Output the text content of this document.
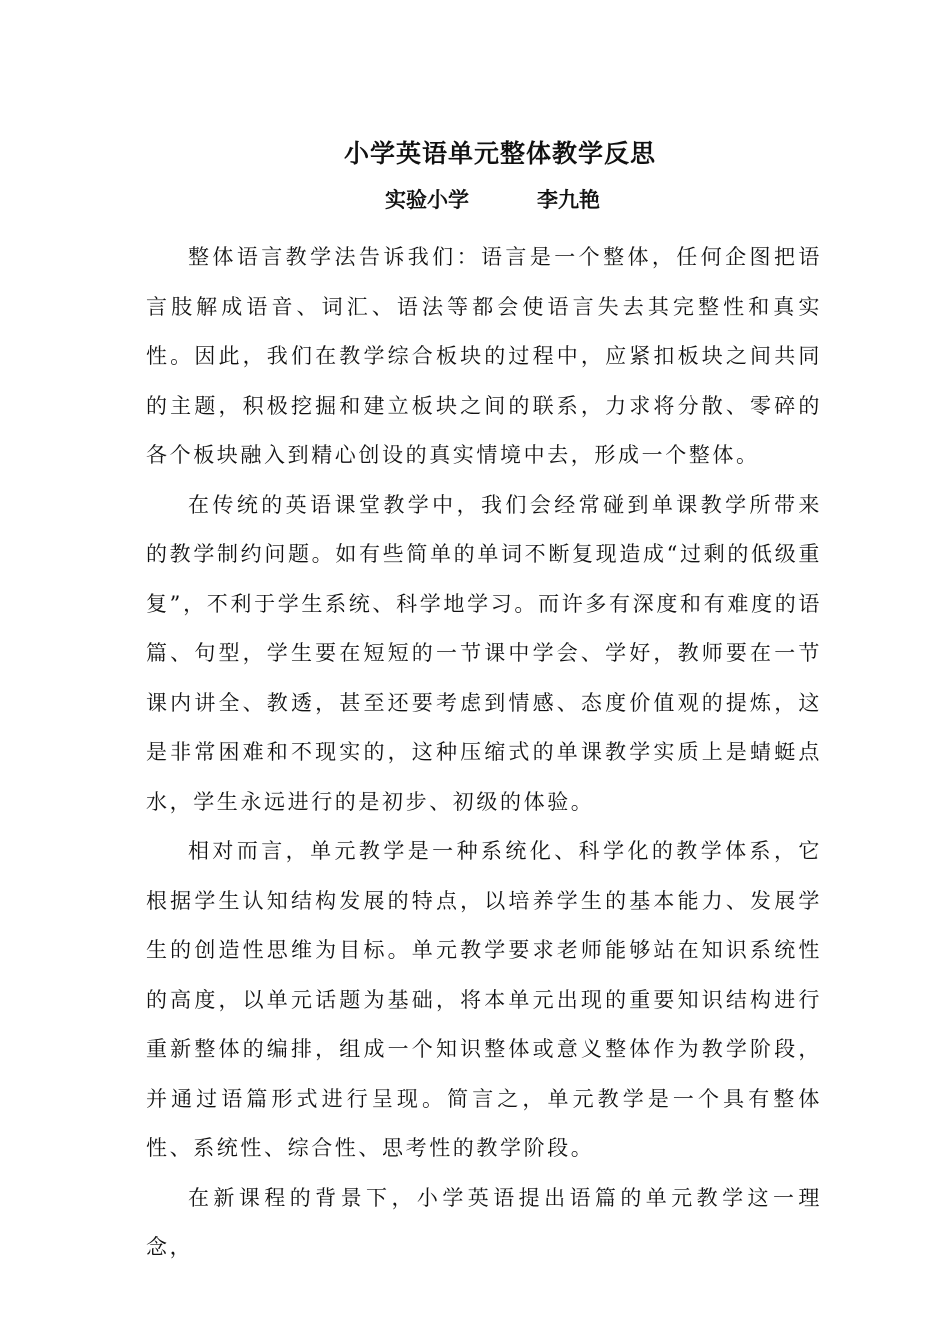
小学英语单元整体教学反思
实验小学	李九艳

整体语言教学法告诉我们：语言是一个整体，任何企图把语言肢解成语音、词汇、语法等都会使语言失去其完整性和真实性。因此，我们在教学综合板块的过程中，应紧扣板块之间共同的主题，积极挖掘和建立板块之间的联系，力求将分散、零碎的各个板块融入到精心创设的真实情境中去，形成一个整体。

在传统的英语课堂教学中，我们会经常碰到单课教学所带来的教学制约问题。如有些简单的单词不断复现造成“过剩的低级重复”，不利于学生系统、科学地学习。而许多有深度和有难度的语篇、句型，学生要在短短的一节课中学会、学好，教师要在一节课内讲全、教透，甚至还要考虑到情感、态度价值观的提炼，这是非常困难和不现实的，这种压缩式的单课教学实质上是蜻蜓点水，学生永远进行的是初步、初级的体验。

相对而言，单元教学是一种系统化、科学化的教学体系，它根据学生认知结构发展的特点，以培养学生的基本能力、发展学生的创造性思维为目标。单元教学要求老师能够站在知识系统性的高度，以单元话题为基础，将本单元出现的重要知识结构进行重新整体的编排，组成一个知识整体或意义整体作为教学阶段，并通过语篇形式进行呈现。简言之，单元教学是一个具有整体性、系统性、综合性、思考性的教学阶段。

在新课程的背景下，小学英语提出语篇的单元教学这一理念，
